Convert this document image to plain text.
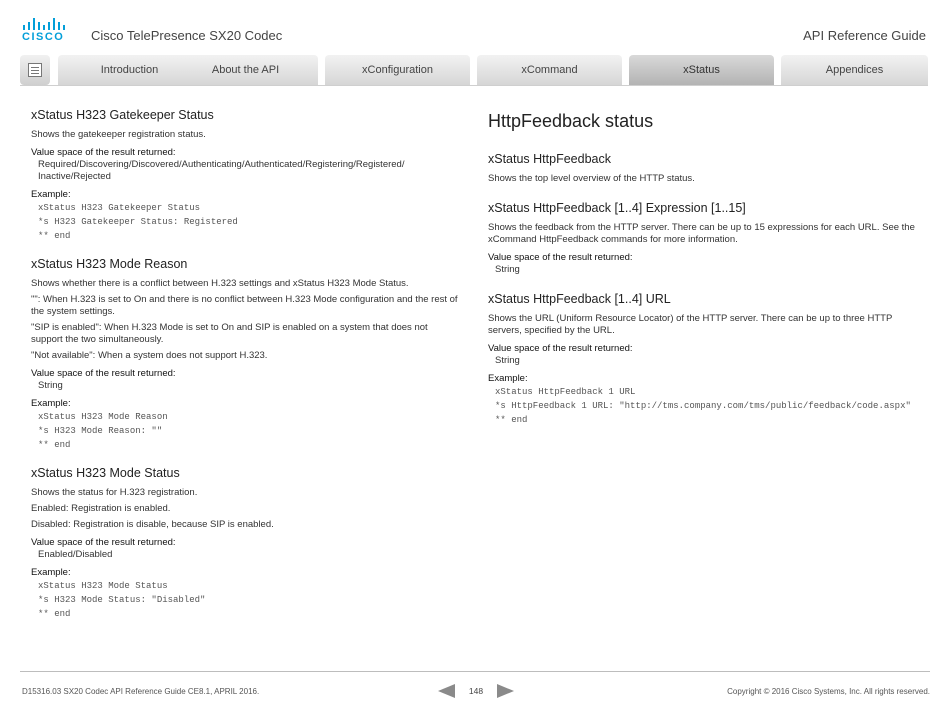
CISCO Cisco TelePresence SX20 Codec	API Reference Guide
Introduction	About the API	xConfiguration	xCommand	xStatus	Appendices
xStatus H323 Gatekeeper Status

Shows the gatekeeper registration status.

Value space of the result returned:
Required/Discovering/Discovered/Authenticating/Authenticated/Registering/Registered/
Inactive/Rejected
Example:
xStatus H323 Gatekeeper Status
*s H323 Gatekeeper Status: Registered
** end
xStatus H323 Mode Reason

Shows whether there is a conflict between H.323 settings and xStatus H323 Mode Status.

"": When H.323 is set to On and there is no conflict between H.323 Mode configuration and the rest of the system settings.

"SIP is enabled": When H.323 Mode is set to On and SIP is enabled on a system that does not support the two simultaneously.

"Not available": When a system does not support H.323.

Value space of the result returned:
String
Example:
xStatus H323 Mode Reason
*s H323 Mode Reason: ""
** end
xStatus H323 Mode Status

Shows the status for H.323 registration.

Enabled: Registration is enabled.

Disabled: Registration is disable, because SIP is enabled.

Value space of the result returned:
Enabled/Disabled
Example:
xStatus H323 Mode Status
*s H323 Mode Status: "Disabled"
** end
HttpFeedback status
xStatus HttpFeedback

Shows the top level overview of the HTTP status.

xStatus HttpFeedback [1..4] Expression [1..15]

Shows the feedback from the HTTP server. There can be up to 15 expressions for each URL. See the xCommand HttpFeedback commands for more information.

Value space of the result returned:
String
xStatus HttpFeedback [1..4] URL

Shows the URL (Uniform Resource Locator) of the HTTP server. There can be up to three HTTP servers, specified by the URL.

Value space of the result returned:
String
Example:
xStatus HttpFeedback 1 URL
*s HttpFeedback 1 URL: "http://tms.company.com/tms/public/feedback/code.aspx"
** end
D15316.03 SX20 Codec API Reference Guide CE8.1, APRIL 2016.	148	Copyright © 2016 Cisco Systems, Inc. All rights reserved.
